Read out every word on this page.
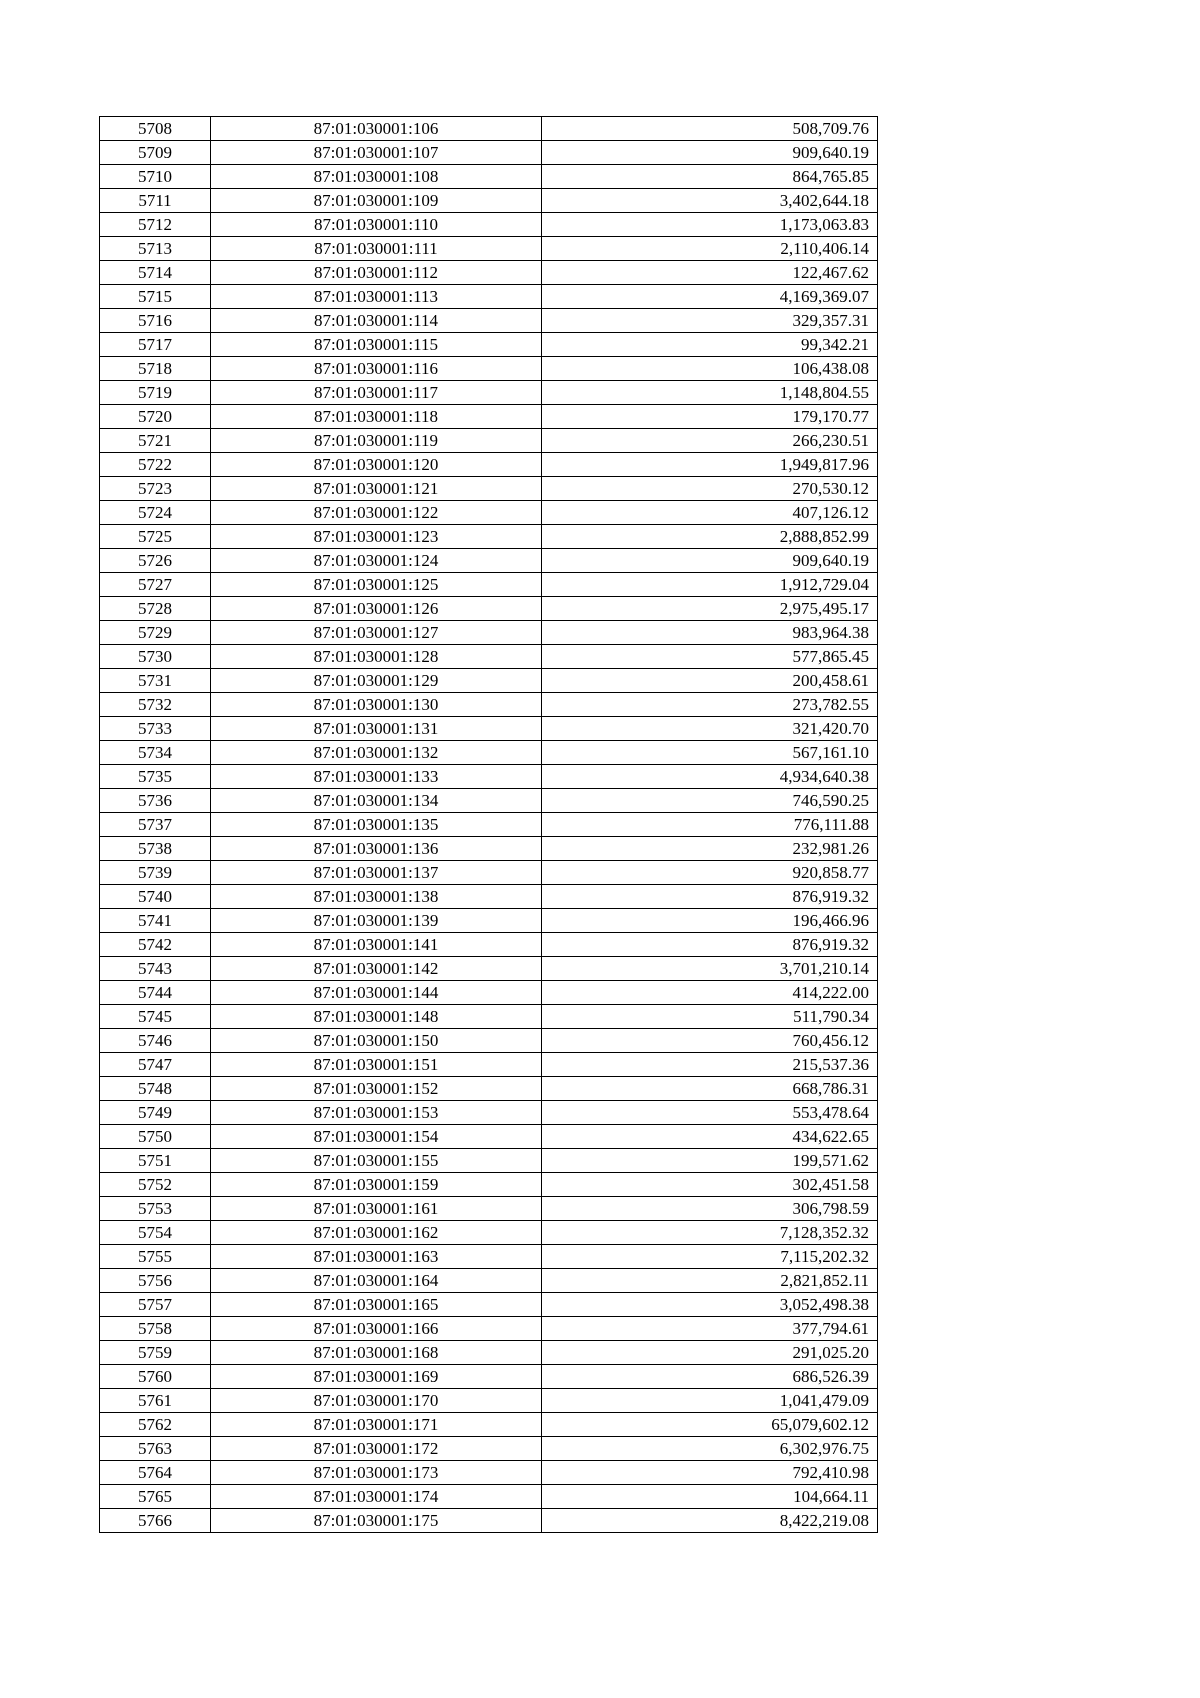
5708	87:01:030001:106	508,709.76
5709	87:01:030001:107	909,640.19
5710	87:01:030001:108	864,765.85
5711	87:01:030001:109	3,402,644.18
5712	87:01:030001:110	1,173,063.83
5713	87:01:030001:111	2,110,406.14
5714	87:01:030001:112	122,467.62
5715	87:01:030001:113	4,169,369.07
5716	87:01:030001:114	329,357.31
5717	87:01:030001:115	99,342.21
5718	87:01:030001:116	106,438.08
5719	87:01:030001:117	1,148,804.55
5720	87:01:030001:118	179,170.77
5721	87:01:030001:119	266,230.51
5722	87:01:030001:120	1,949,817.96
5723	87:01:030001:121	270,530.12
5724	87:01:030001:122	407,126.12
5725	87:01:030001:123	2,888,852.99
5726	87:01:030001:124	909,640.19
5727	87:01:030001:125	1,912,729.04
5728	87:01:030001:126	2,975,495.17
5729	87:01:030001:127	983,964.38
5730	87:01:030001:128	577,865.45
5731	87:01:030001:129	200,458.61
5732	87:01:030001:130	273,782.55
5733	87:01:030001:131	321,420.70
5734	87:01:030001:132	567,161.10
5735	87:01:030001:133	4,934,640.38
5736	87:01:030001:134	746,590.25
5737	87:01:030001:135	776,111.88
5738	87:01:030001:136	232,981.26
5739	87:01:030001:137	920,858.77
5740	87:01:030001:138	876,919.32
5741	87:01:030001:139	196,466.96
5742	87:01:030001:141	876,919.32
5743	87:01:030001:142	3,701,210.14
5744	87:01:030001:144	414,222.00
5745	87:01:030001:148	511,790.34
5746	87:01:030001:150	760,456.12
5747	87:01:030001:151	215,537.36
5748	87:01:030001:152	668,786.31
5749	87:01:030001:153	553,478.64
5750	87:01:030001:154	434,622.65
5751	87:01:030001:155	199,571.62
5752	87:01:030001:159	302,451.58
5753	87:01:030001:161	306,798.59
5754	87:01:030001:162	7,128,352.32
5755	87:01:030001:163	7,115,202.32
5756	87:01:030001:164	2,821,852.11
5757	87:01:030001:165	3,052,498.38
5758	87:01:030001:166	377,794.61
5759	87:01:030001:168	291,025.20
5760	87:01:030001:169	686,526.39
5761	87:01:030001:170	1,041,479.09
5762	87:01:030001:171	65,079,602.12
5763	87:01:030001:172	6,302,976.75
5764	87:01:030001:173	792,410.98
5765	87:01:030001:174	104,664.11
5766	87:01:030001:175	8,422,219.08
